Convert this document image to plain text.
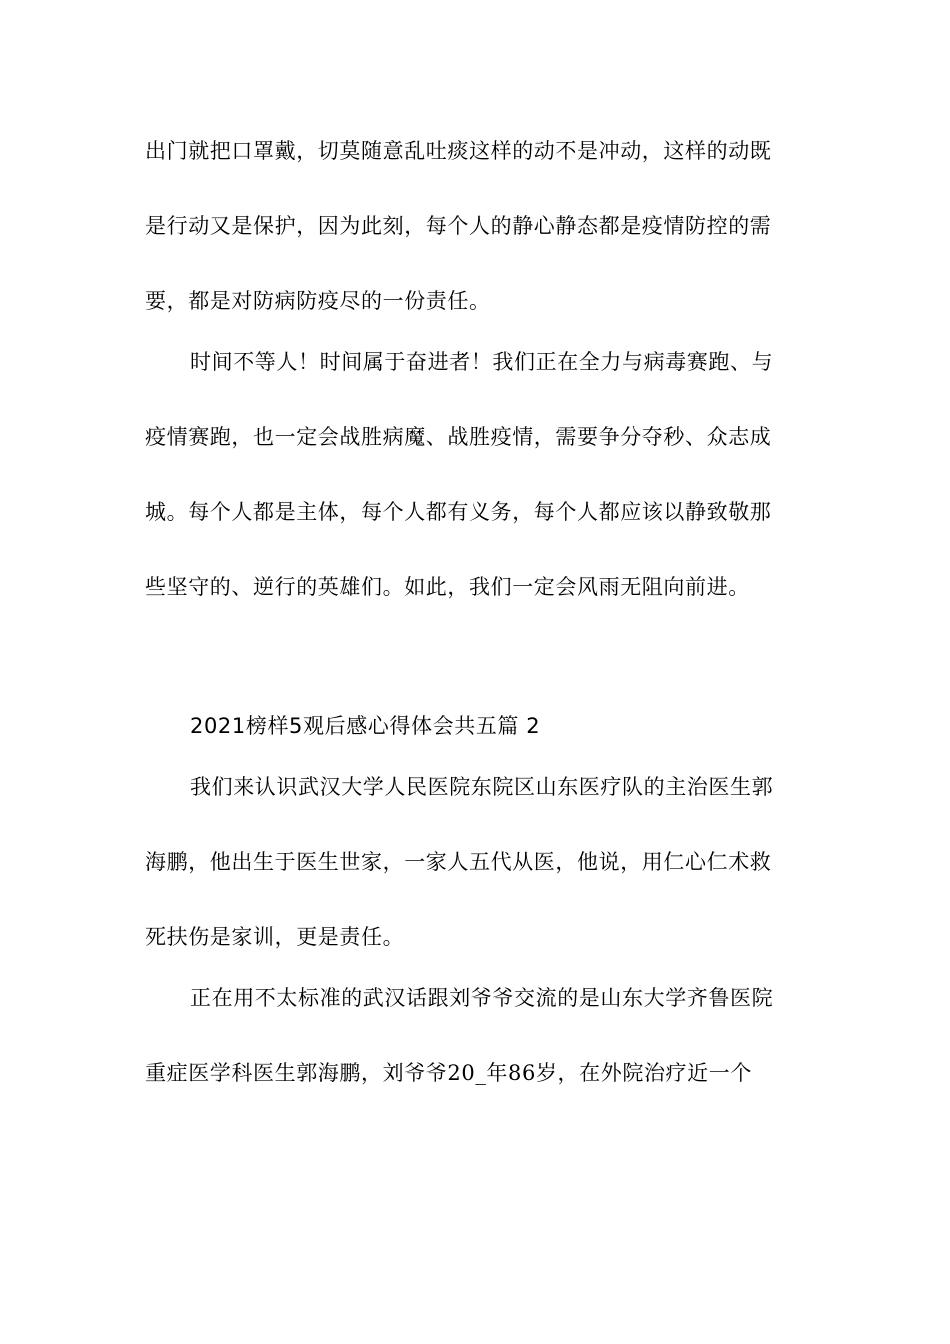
出门就把口罩戴，切莫随意乱吐痰这样的动不是冲动，这样的动既
是行动又是保护，因为此刻，每个人的静心静态都是疫情防控的需
要，都是对防病防疫尽的一份责任。
时间不等人！时间属于奋进者！我们正在全力与病毒赛跑、与
疫情赛跑，也一定会战胜病魔、战胜疫情，需要争分夺秒、众志成
城。每个人都是主体，每个人都有义务，每个人都应该以静致敬那
些坚守的、逆行的英雄们。如此，我们一定会风雨无阻向前进。
2021榜样5观后感心得体会共五篇 2
我们来认识武汉大学人民医院东院区山东医疗队的主治医生郭
海鹏，他出生于医生世家，一家人五代从医，他说，用仁心仁术救
死扶伤是家训，更是责任。
正在用不太标准的武汉话跟刘爷爷交流的是山东大学齐鲁医院
重症医学科医生郭海鹏，刘爷爷20_年86岁，在外院治疗近一个
